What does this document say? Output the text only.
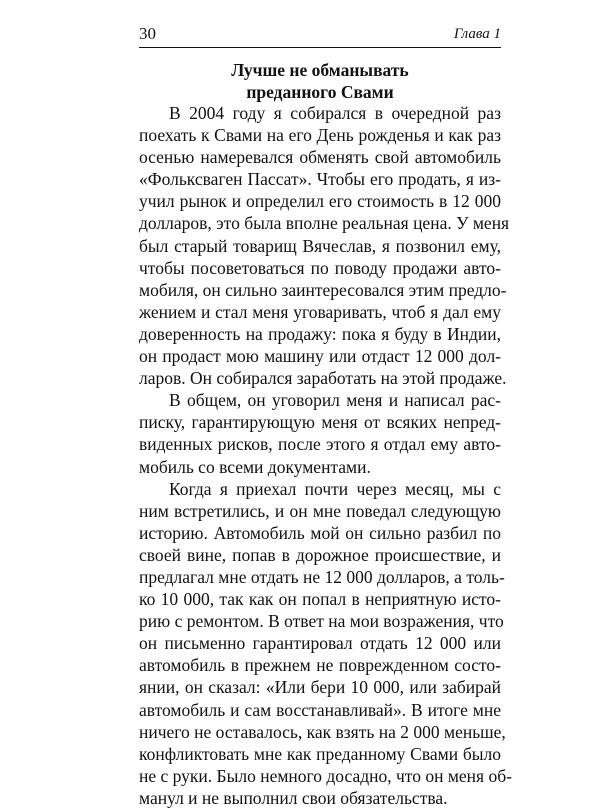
30	Глава 1
Лучше не обманывать
преданного Свами
В 2004 году я собирался в очередной раз
поехать к Свами на его День рожденья и как раз
осенью намеревался обменять свой автомобиль
«Фольксваген Пассат». Чтобы его продать, я из-
учил рынок и определил его стоимость в 12 000
долларов, это была вполне реальная цена. У меня
был старый товарищ Вячеслав, я позвонил ему,
чтобы посоветоваться по поводу продажи авто-
мобиля, он сильно заинтересовался этим предло-
жением и стал меня уговаривать, чтоб я дал ему
доверенность на продажу: пока я буду в Индии,
он продаст мою машину или отдаст 12 000 дол-
ларов. Он собирался заработать на этой продаже.
В общем, он уговорил меня и написал рас-
писку, гарантирующую меня от всяких непред-
виденных рисков, после этого я отдал ему авто-
мобиль со всеми документами.
Когда я приехал почти через месяц, мы с
ним встретились, и он мне поведал следующую
историю. Автомобиль мой он сильно разбил по
своей вине, попав в дорожное происшествие, и
предлагал мне отдать не 12 000 долларов, а толь-
ко 10 000, так как он попал в неприятную исто-
рию с ремонтом. В ответ на мои возражения, что
он письменно гарантировал отдать 12 000 или
автомобиль в прежнем не поврежденном состо-
янии, он сказал: «Или бери 10 000, или забирай
автомобиль и сам восстанавливай». В итоге мне
ничего не оставалось, как взять на 2 000 меньше,
конфликтовать мне как преданному Свами было
не с руки. Было немного досадно, что он меня об-
манул и не выполнил свои обязательства.
